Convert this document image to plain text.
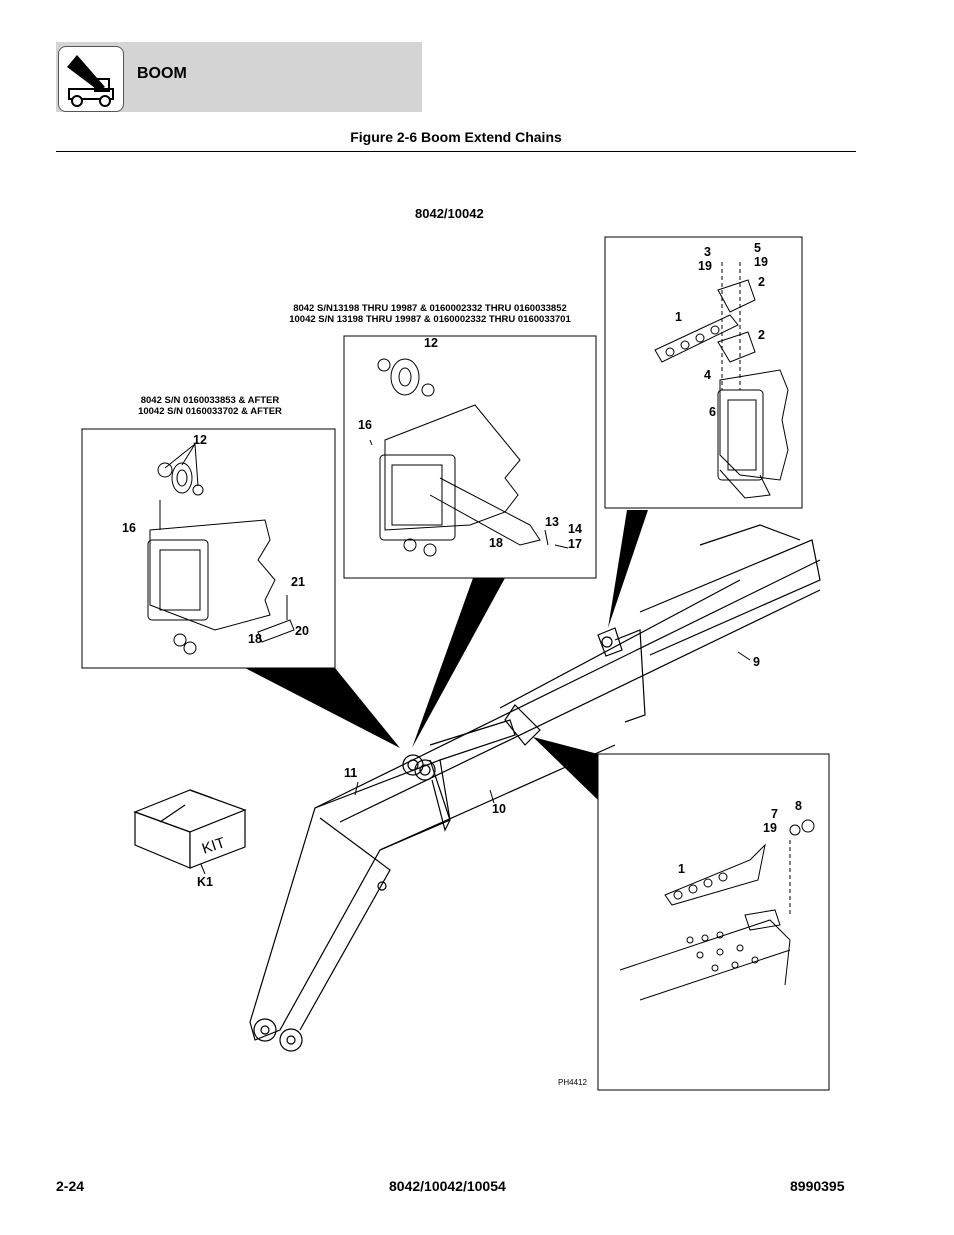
BOOM
Figure 2-6 Boom Extend Chains
8042/10042
8042 S/N13198 THRU 19987 & 0160002332 THRU 0160033852
10042 S/N 13198 THRU 19987 & 0160002332 THRU 0160033701
8042 S/N 0160033853 & AFTER
10042 S/N 0160033702 & AFTER
KIT
12
16
21
20
18
12
16
13 14
17
18
3
19
5
19
2
1
2
4
6
9
11
10
K1
7
8
19
1
PH4412
2-24	8042/10042/10054	8990395
